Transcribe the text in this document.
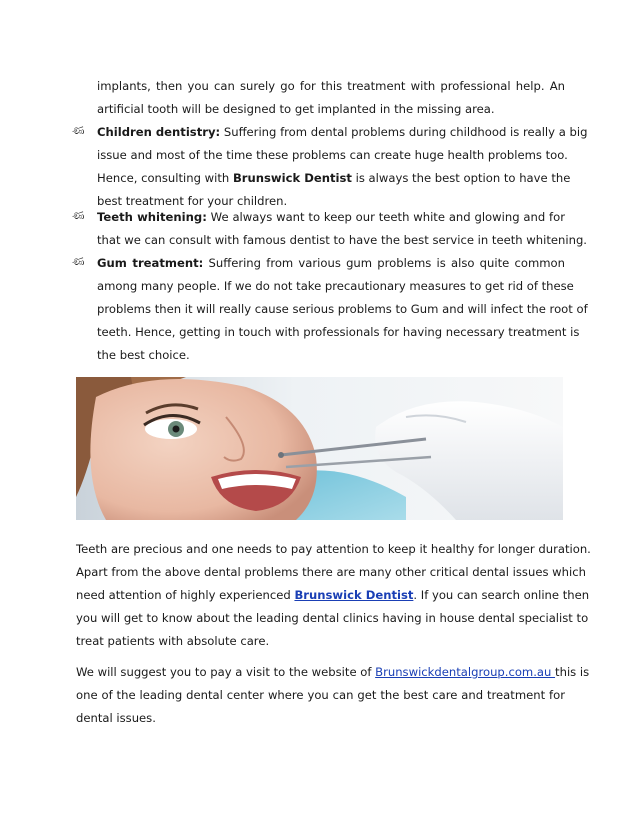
implants, then you can surely go for this treatment with professional help. An
artificial tooth will be designed to get implanted in the missing area.
ණ Children dentistry: Suffering from dental problems during childhood is really a big
issue and most of the time these problems can create huge health problems too.
Hence, consulting with Brunswick Dentist is always the best option to have the
best treatment for your children.
ණ Teeth whitening: We always want to keep our teeth white and glowing and for
that we can consult with famous dentist to have the best service in teeth whitening.
ණ Gum treatment: Suffering from various gum problems is also quite common
among many people. If we do not take precautionary measures to get rid of these
problems then it will really cause serious problems to Gum and will infect the root of
teeth. Hence, getting in touch with professionals for having necessary treatment is
the best choice.
Teeth are precious and one needs to pay attention to keep it healthy for longer duration.
Apart from the above dental problems there are many other critical dental issues which
need attention of highly experienced Brunswick Dentist. If you can search online then
you will get to know about the leading dental clinics having in house dental specialist to
treat patients with absolute care.
We will suggest you to pay a visit to the website of Brunswickdentalgroup.com.au this is
one of the leading dental center where you can get the best care and treatment for
dental issues.
